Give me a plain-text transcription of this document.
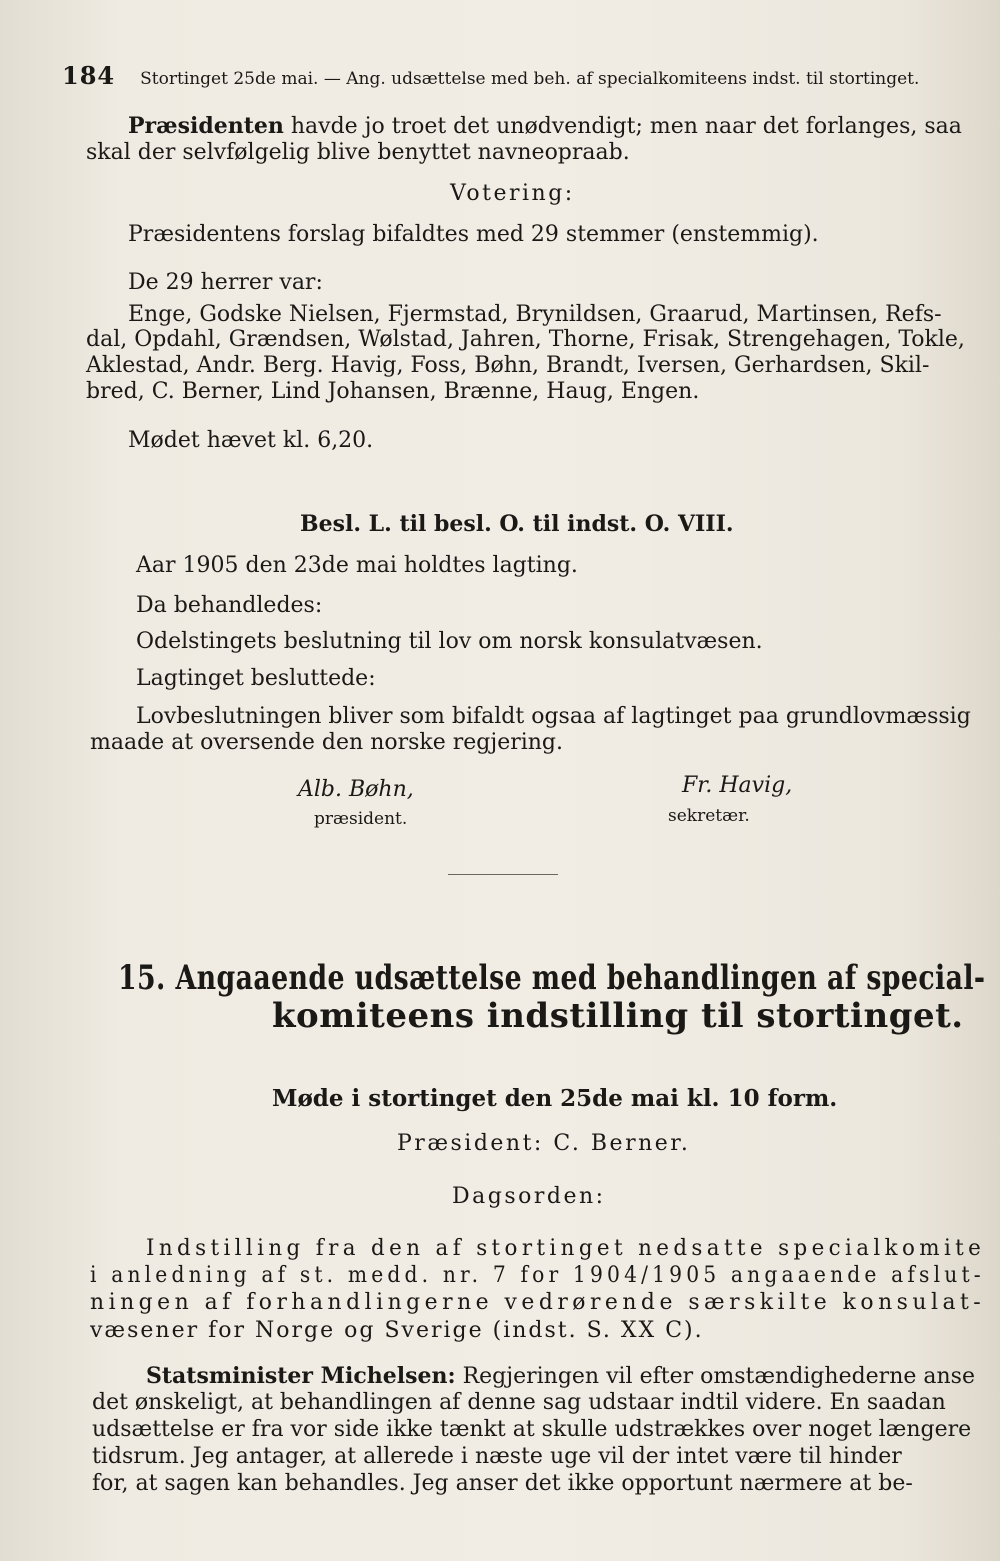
184 Stortinget 25de mai. — Ang. udsættelse med beh. af specialkomiteens indst. til stortinget.
Præsidenten havde jo troet det unødvendigt; men naar det forlanges, saa
skal der selvfølgelig blive benyttet navneopraab.
Votering:
Præsidentens forslag bifaldtes med 29 stemmer (enstemmig).
De 29 herrer var:
Enge, Godske Nielsen, Fjermstad, Brynildsen, Graarud, Martinsen, Refs-
dal, Opdahl, Grændsen, Wølstad, Jahren, Thorne, Frisak, Strengehagen, Tokle,
Aklestad, Andr. Berg. Havig, Foss, Bøhn, Brandt, Iversen, Gerhardsen, Skil-
bred, C. Berner, Lind Johansen, Brænne, Haug, Engen.
Mødet hævet kl. 6,20.
Besl. L. til besl. O. til indst. O. VIII.
Aar 1905 den 23de mai holdtes lagting.
Da behandledes:
Odelstingets beslutning til lov om norsk konsulatvæsen.
Lagtinget besluttede:
Lovbeslutningen bliver som bifaldt ogsaa af lagtinget paa grundlovmæssig
maade at oversende den norske regjering.
Alb. Bøhn,
præsident.
Fr. Havig,
sekretær.
15. Angaaende udsættelse med behandlingen af special-
komiteens indstilling til stortinget.
Møde i stortinget den 25de mai kl. 10 form.
Præsident: C. Berner.
Dagsorden:
Indstilling fra den af stortinget nedsatte specialkomite
i anledning af st. medd. nr. 7 for 1904/1905 angaaende afslut-
ningen af forhandlingerne vedrørende særskilte konsulat-
væsener for Norge og Sverige (indst. S. XX C).
Statsminister Michelsen: Regjeringen vil efter omstændighederne anse
det ønskeligt, at behandlingen af denne sag udstaar indtil videre. En saadan
udsættelse er fra vor side ikke tænkt at skulle udstrækkes over noget længere
tidsrum. Jeg antager, at allerede i næste uge vil der intet være til hinder
for, at sagen kan behandles. Jeg anser det ikke opportunt nærmere at be-
